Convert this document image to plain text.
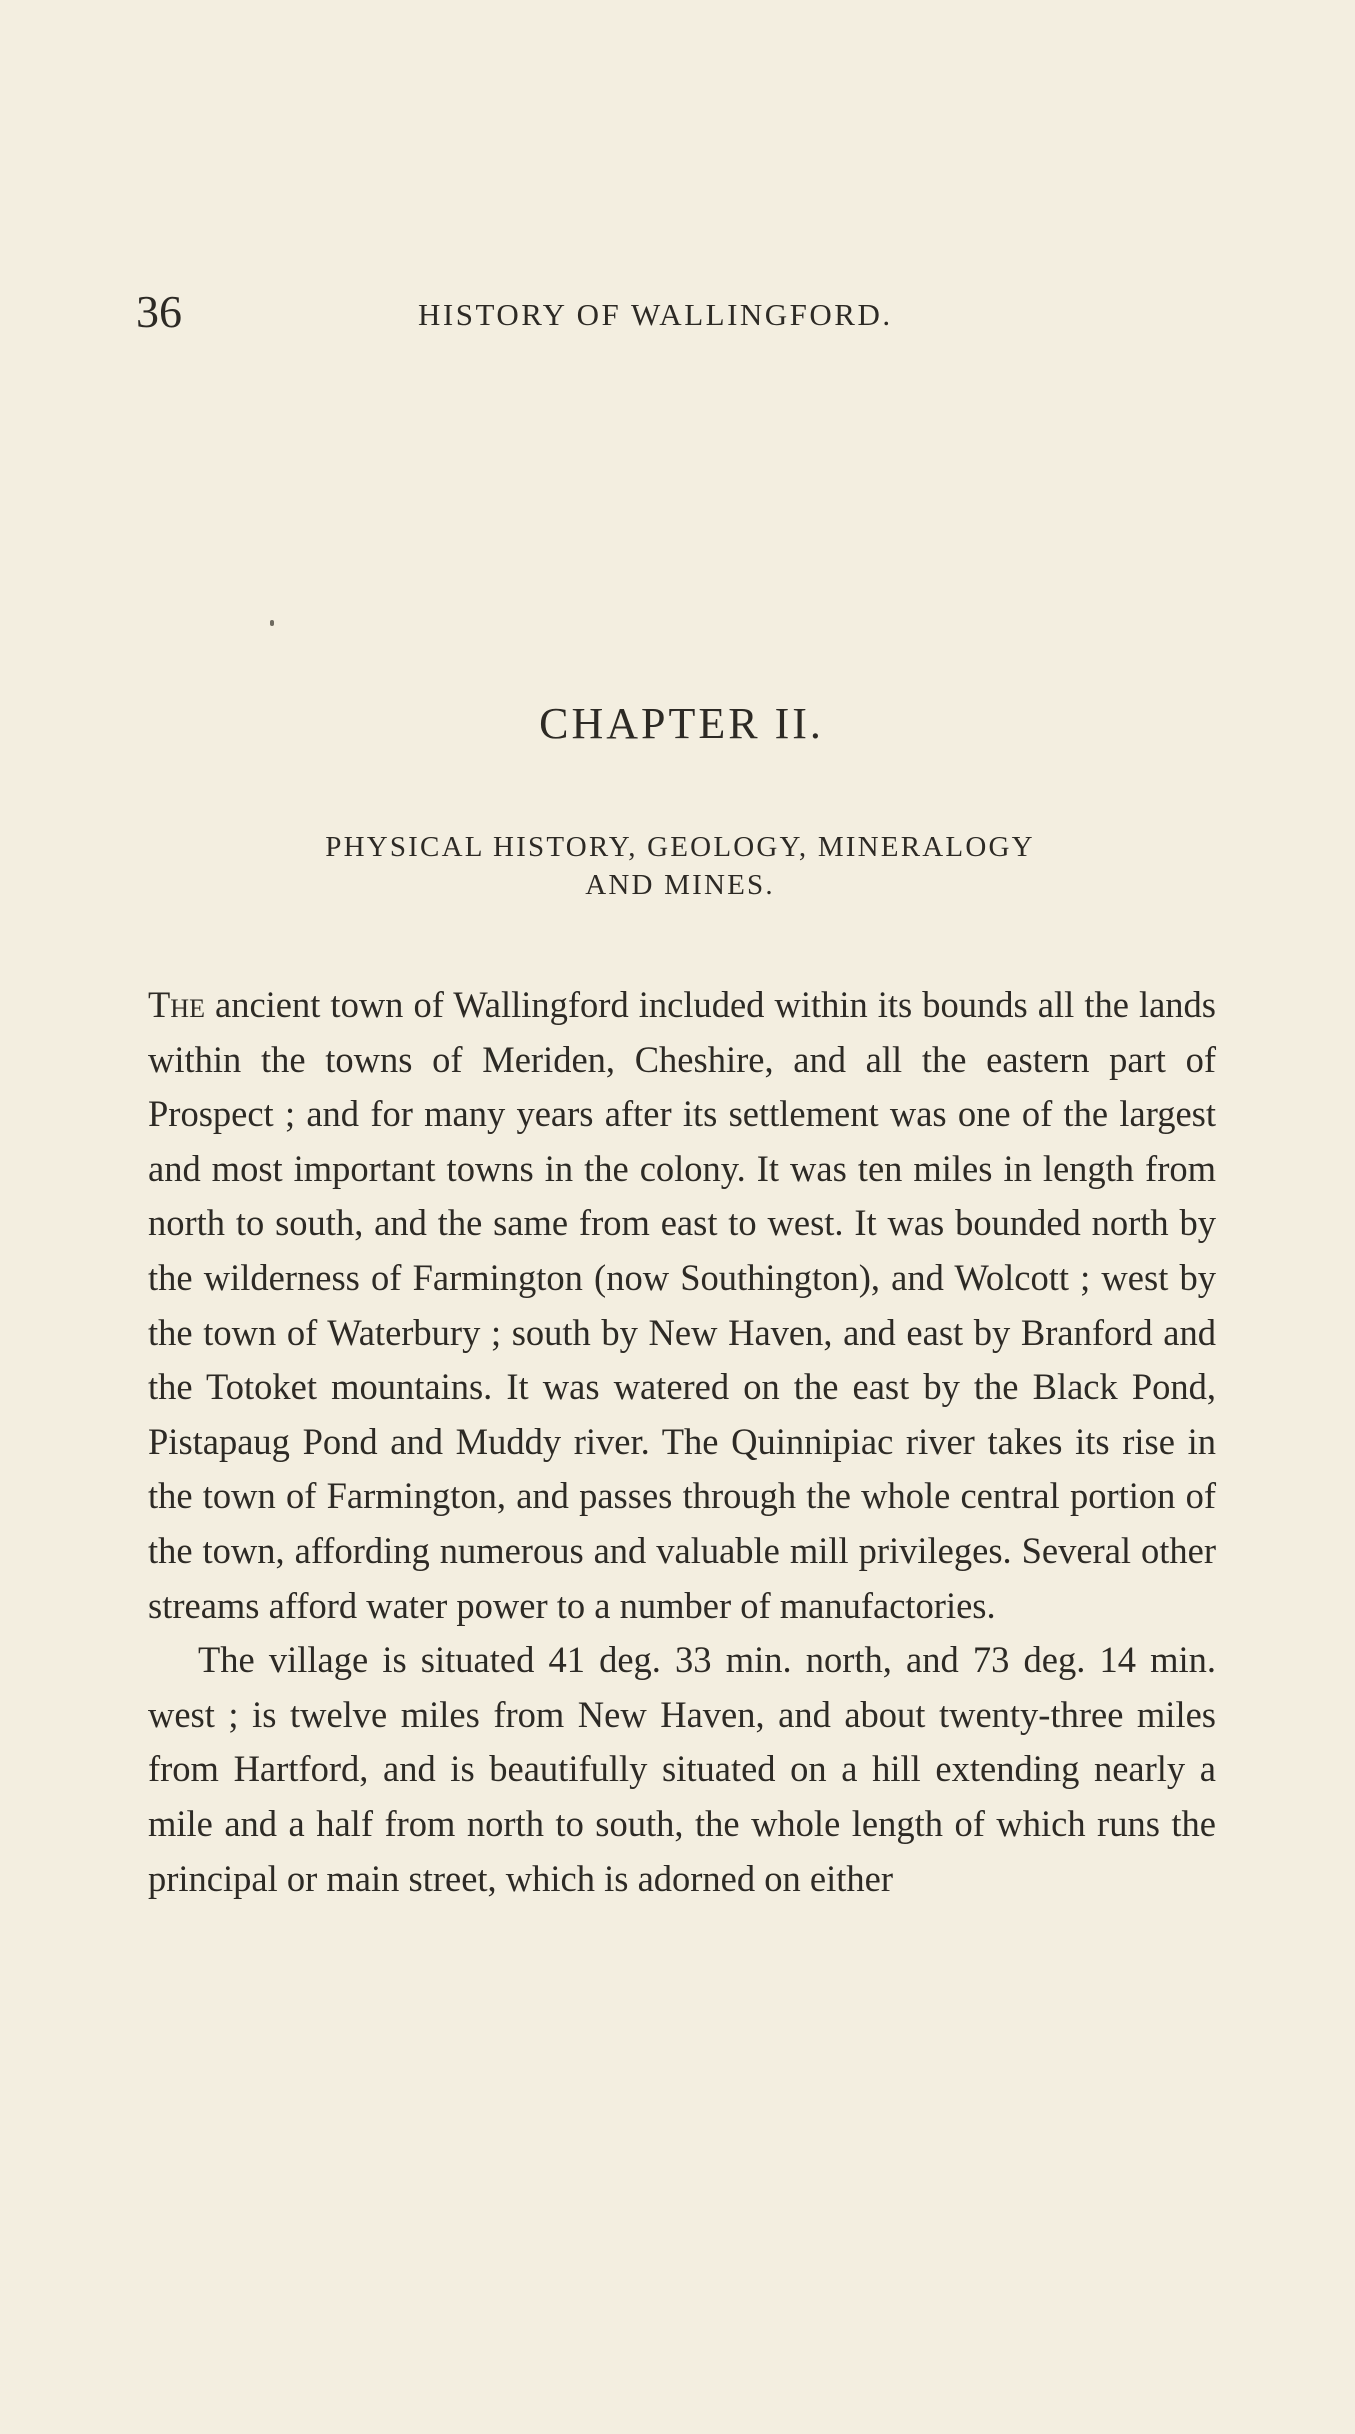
36	HISTORY OF WALLINGFORD.
CHAPTER II.
PHYSICAL HISTORY, GEOLOGY, MINERALOGY
AND MINES.

The ancient town of Wallingford included within its bounds all the lands within the towns of Meriden, Cheshire, and all the eastern part of Prospect ; and for many years after its settlement was one of the largest and most important towns in the colony. It was ten miles in length from north to south, and the same from east to west. It was bounded north by the wilderness of Farmington (now Southington), and Wolcott ; west by the town of Waterbury ; south by New Haven, and east by Branford and the Totoket mountains. It was watered on the east by the Black Pond, Pistapaug Pond and Muddy river. The Quinnipiac river takes its rise in the town of Farmington, and passes through the whole central portion of the town, affording numerous and valuable mill privileges. Several other streams afford water power to a number of manufactories.

The village is situated 41 deg. 33 min. north, and 73 deg. 14 min. west ; is twelve miles from New Haven, and about twenty-three miles from Hartford, and is beautifully situated on a hill extending nearly a mile and a half from north to south, the whole length of which runs the principal or main street, which is adorned on either
